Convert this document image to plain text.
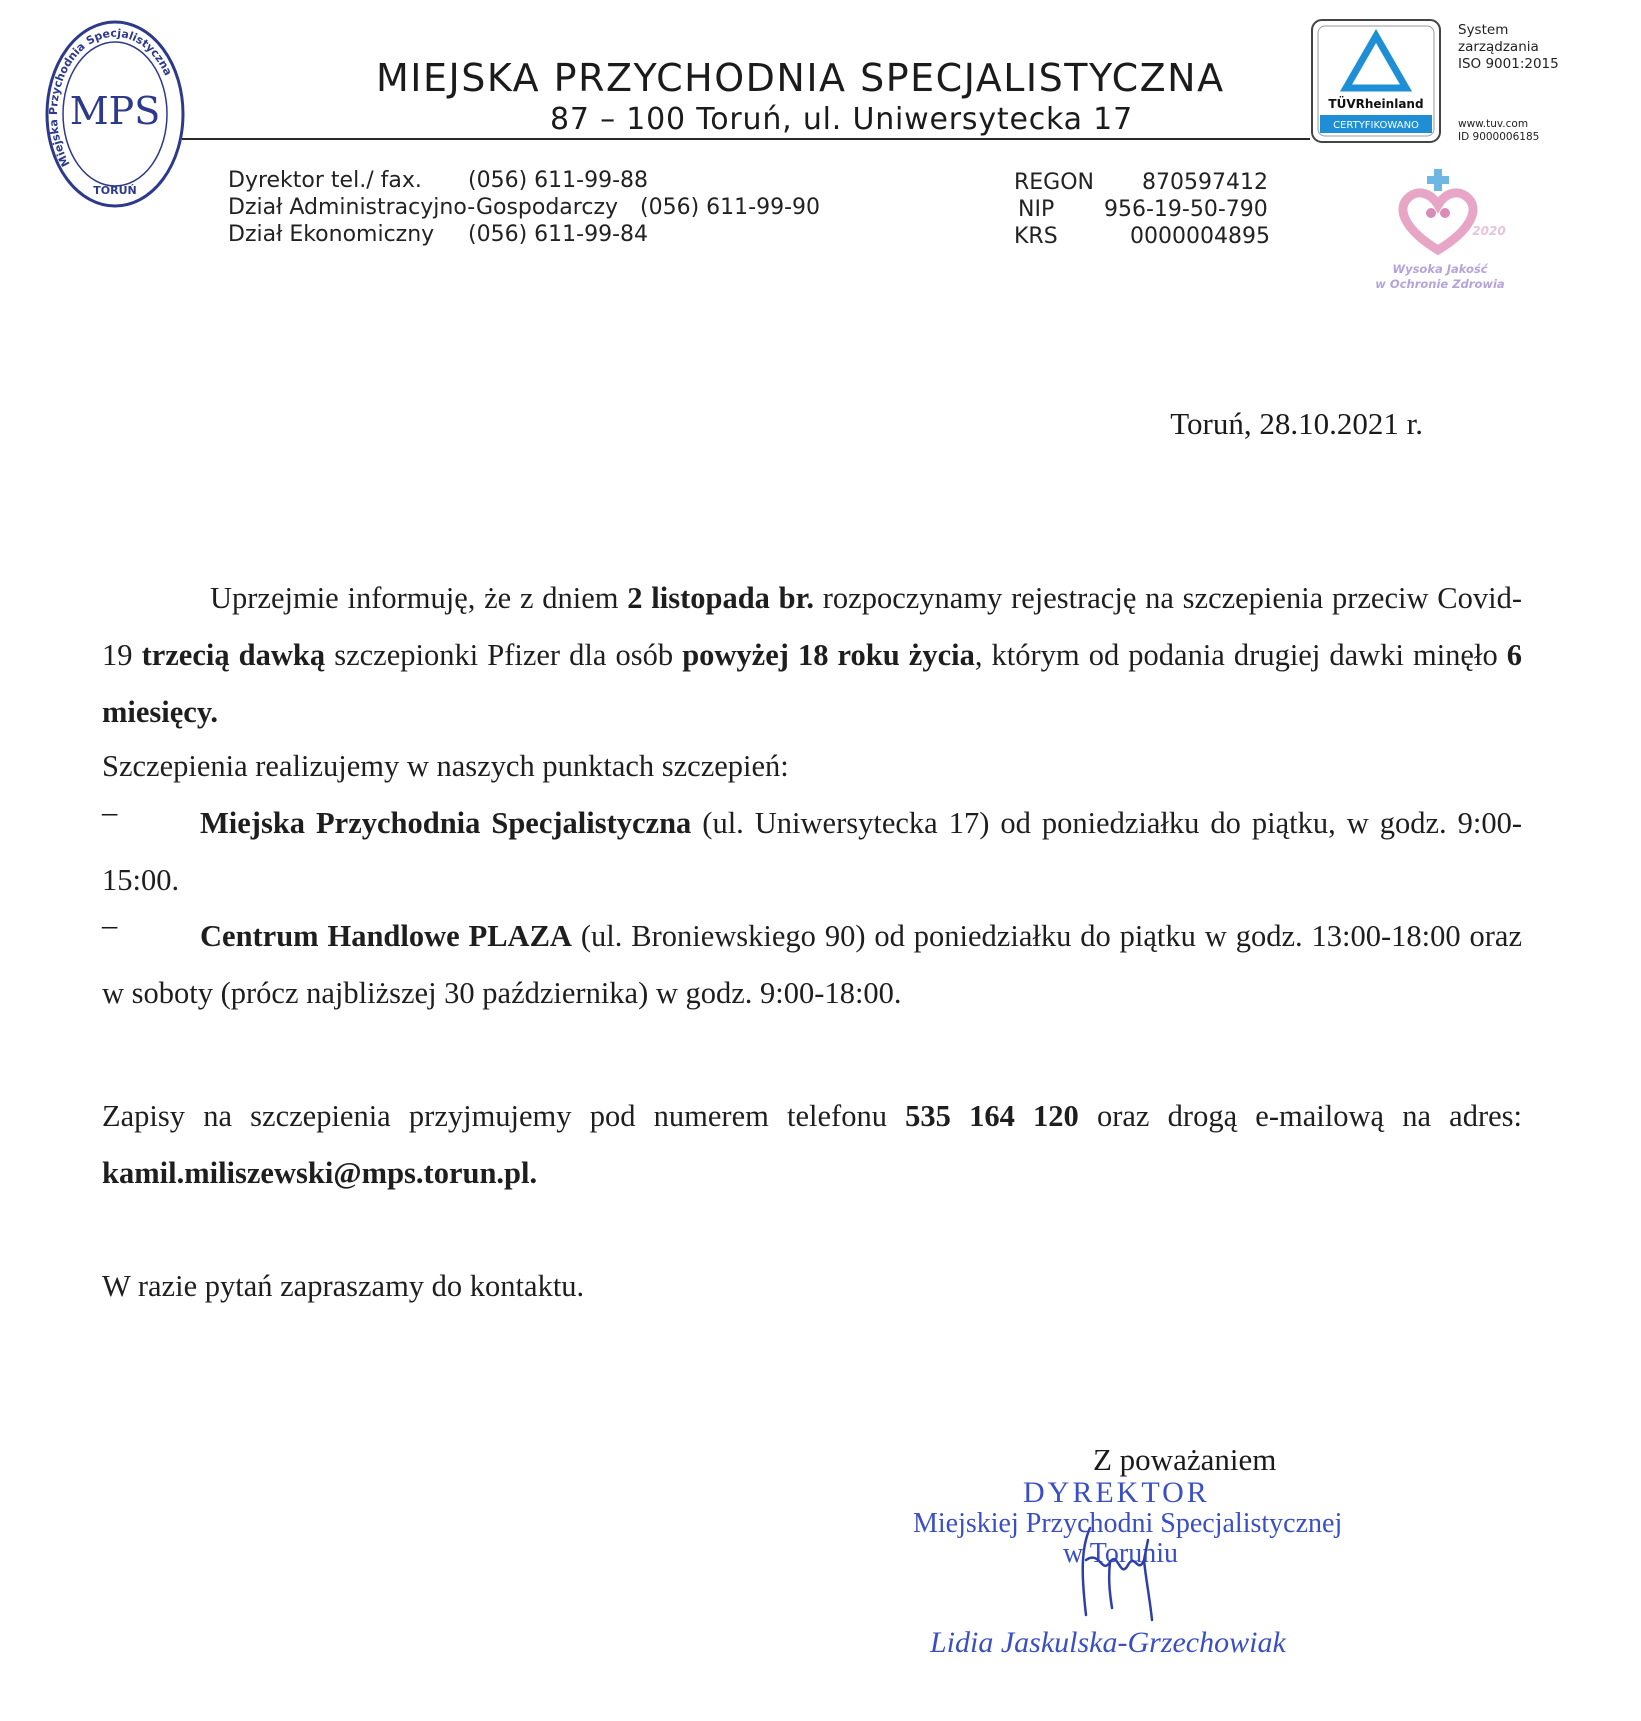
Miejska Przychodnia Specjalistyczna
MPS
TORUŃ
MIEJSKA PRZYCHODNIA SPECJALISTYCZNA
87 – 100 Toruń, ul. Uniwersytecka 17	TÜVRheinland
CERTYFIKOWANO
System
zarządzania
ISO 9001:2015
www.tuv.com
ID 9000006185
2020
Wysoka Jakość
w Ochronie Zdrowia
Dyrektor tel./ fax. (056) 611-99-88
Dział Administracyjno-Gospodarczy (056) 611-99-90
Dział Ekonomiczny (056) 611-99-84
REGON 870597412
NIP 956-19-50-790
KRS	0000004895
Toruń, 28.10.2021 r.
Uprzejmie informuję, że z dniem 2 listopada br. rozpoczynamy rejestrację na szczepienia przeciw Covid-19 trzecią dawką szczepionki Pfizer dla osób powyżej 18 roku życia, którym od podania drugiej dawki minęło 6 miesięcy.
Szczepienia realizujemy w naszych punktach szczepień:
–	Miejska Przychodnia Specjalistyczna (ul. Uniwersytecka 17) od poniedziałku do piątku, w godz. 9:00-15:00.
–	Centrum Handlowe PLAZA (ul. Broniewskiego 90) od poniedziałku do piątku w godz. 13:00-18:00 oraz w soboty (prócz najbliższej 30 października) w godz. 9:00-18:00.
Zapisy na szczepienia przyjmujemy pod numerem telefonu 535 164 120 oraz drogą e-mailową na adres: kamil.miliszewski@mps.torun.pl.
W razie pytań zapraszamy do kontaktu.
Z poważaniem
DYREKTOR
Miejskiej Przychodni Specjalistycznej
w Toruniu
Lidia Jaskulska-Grzechowiak
